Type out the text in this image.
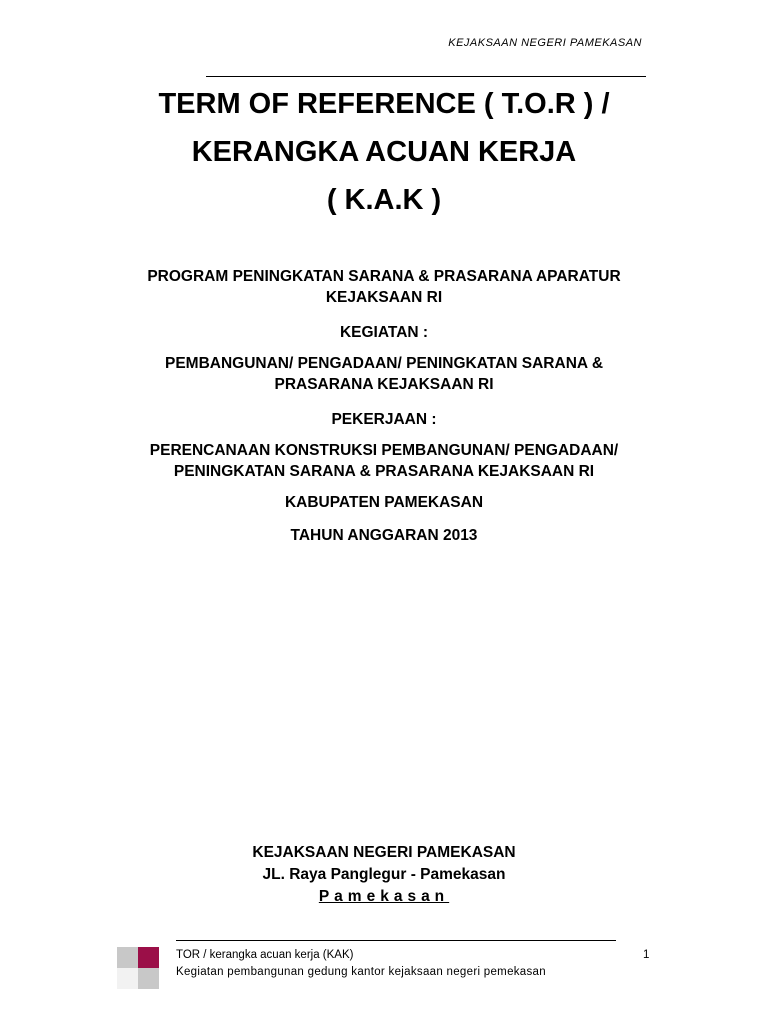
KEJAKSAAN NEGERI PAMEKASAN
TERM OF REFERENCE ( T.O.R ) /
KERANGKA ACUAN KERJA
( K.A.K )
PROGRAM PENINGKATAN SARANA & PRASARANA APARATUR
KEJAKSAAN RI
KEGIATAN :
PEMBANGUNAN/ PENGADAAN/ PENINGKATAN SARANA &
PRASARANA KEJAKSAAN RI
PEKERJAAN :
PERENCANAAN KONSTRUKSI PEMBANGUNAN/ PENGADAAN/
PENINGKATAN SARANA & PRASARANA KEJAKSAAN RI
KABUPATEN PAMEKASAN
TAHUN ANGGARAN 2013
KEJAKSAAN NEGERI PAMEKASAN
JL. Raya Panglegur - Pamekasan
Pamekasan
TOR / kerangka acuan kerja (KAK)
Kegiatan pembangunan gedung kantor kejaksaan negeri pemekasan
1
